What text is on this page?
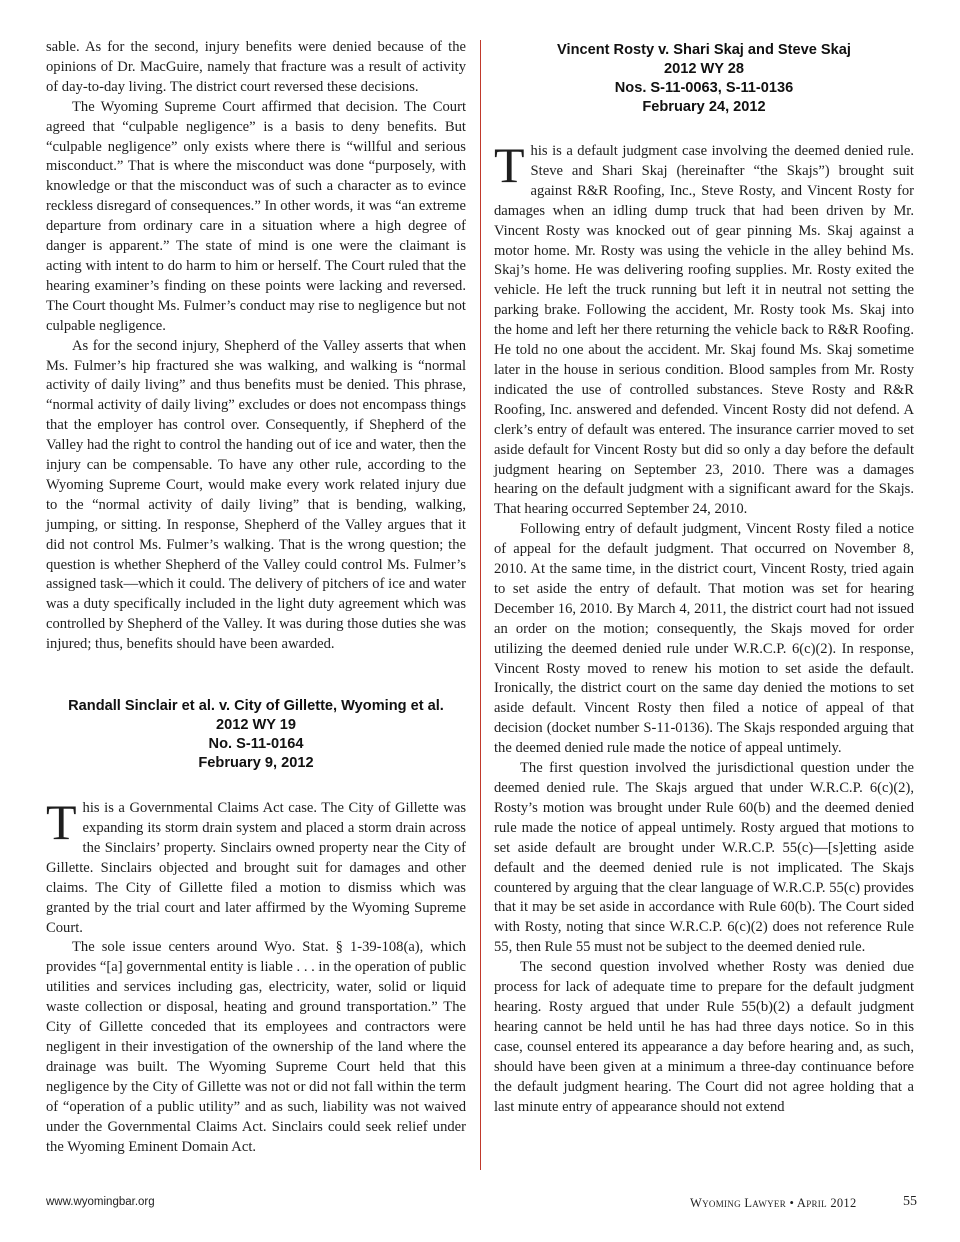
sable. As for the second, injury benefits were denied because of the opinions of Dr. MacGuire, namely that fracture was a result of activity of day-to-day living. The district court reversed these decisions.

The Wyoming Supreme Court affirmed that decision. The Court agreed that “culpable negligence” is a basis to deny benefits. But “culpable negligence” only exists where there is “willful and serious misconduct.” That is where the misconduct was done “purposely, with knowledge or that the misconduct was of such a character as to evince reckless disregard of consequences.” In other words, it was “an extreme departure from ordinary care in a situation where a high degree of danger is apparent.” The state of mind is one were the claimant is acting with intent to do harm to him or herself. The Court ruled that the hearing examiner’s finding on these points were lacking and reversed. The Court thought Ms. Fulmer’s conduct may rise to negligence but not culpable negligence.

As for the second injury, Shepherd of the Valley asserts that when Ms. Fulmer’s hip fractured she was walking, and walking is “normal activity of daily living” and thus benefits must be denied. This phrase, “normal activity of daily living” excludes or does not encompass things that the employer has control over. Consequently, if Shepherd of the Valley had the right to control the handing out of ice and water, then the injury can be compensable. To have any other rule, according to the Wyoming Supreme Court, would make every work related injury due to the “normal activity of daily living” that is bending, walking, jumping, or sitting. In response, Shepherd of the Valley argues that it did not control Ms. Fulmer’s walking. That is the wrong question; the question is whether Shepherd of the Valley could control Ms. Fulmer’s assigned task—which it could. The delivery of pitchers of ice and water was a duty specifically included in the light duty agreement which was controlled by Shepherd of the Valley. It was during those duties she was injured; thus, benefits should have been awarded.

Randall Sinclair et al. v. City of Gillette, Wyoming et al.
2012 WY 19
No. S-11-0164
February 9, 2012

This is a Governmental Claims Act case. The City of Gillette was expanding its storm drain system and placed a storm drain across the Sinclairs’ property. Sinclairs owned property near the City of Gillette. Sinclairs objected and brought suit for damages and other claims. The City of Gillette filed a motion to dismiss which was granted by the trial court and later affirmed by the Wyoming Supreme Court.

The sole issue centers around Wyo. Stat. § 1-39-108(a), which provides “[a] governmental entity is liable . . . in the operation of public utilities and services including gas, electricity, water, solid or liquid waste collection or disposal, heating and ground transportation.” The City of Gillette conceded that its employees and contractors were negligent in their investigation of the ownership of the land where the drainage was built. The Wyoming Supreme Court held that this negligence by the City of Gillette was not or did not fall within the term of “operation of a public utility” and as such, liability was not waived under the Governmental Claims Act. Sinclairs could seek relief under the Wyoming Eminent Domain Act.

Vincent Rosty v. Shari Skaj and Steve Skaj
2012 WY 28
Nos. S-11-0063, S-11-0136
February 24, 2012

This is a default judgment case involving the deemed denied rule. Steve and Shari Skaj (hereinafter “the Skajs”) brought suit against R&R Roofing, Inc., Steve Rosty, and Vincent Rosty for damages when an idling dump truck that had been driven by Mr. Vincent Rosty was knocked out of gear pinning Ms. Skaj against a motor home. Mr. Rosty was using the vehicle in the alley behind Ms. Skaj’s home. He was delivering roofing supplies. Mr. Rosty exited the vehicle. He left the truck running but left it in neutral not setting the parking brake. Following the accident, Mr. Rosty took Ms. Skaj into the home and left her there returning the vehicle back to R&R Roofing. He told no one about the accident. Mr. Skaj found Ms. Skaj sometime later in the house in serious condition. Blood samples from Mr. Rosty indicated the use of controlled substances. Steve Rosty and R&R Roofing, Inc. answered and defended. Vincent Rosty did not defend. A clerk’s entry of default was entered. The insurance carrier moved to set aside default for Vincent Rosty but did so only a day before the default judgment hearing on September 23, 2010. There was a damages hearing on the default judgment with a significant award for the Skajs. That hearing occurred September 24, 2010.

Following entry of default judgment, Vincent Rosty filed a notice of appeal for the default judgment. That occurred on November 8, 2010. At the same time, in the district court, Vincent Rosty, tried again to set aside the entry of default. That motion was set for hearing December 16, 2010. By March 4, 2011, the district court had not issued an order on the motion; consequently, the Skajs moved for order utilizing the deemed denied rule under W.R.C.P. 6(c)(2). In response, Vincent Rosty moved to renew his motion to set aside the default. Ironically, the district court on the same day denied the motions to set aside default. Vincent Rosty then filed a notice of appeal of that decision (docket number S-11-0136). The Skajs responded arguing that the deemed denied rule made the notice of appeal untimely.

The first question involved the jurisdictional question under the deemed denied rule. The Skajs argued that under W.R.C.P. 6(c)(2), Rosty’s motion was brought under Rule 60(b) and the deemed denied rule made the notice of appeal untimely. Rosty argued that motions to set aside default are brought under W.R.C.P. 55(c)—[s]etting aside default and the deemed denied rule is not implicated. The Skajs countered by arguing that the clear language of W.R.C.P. 55(c) provides that it may be set aside in accordance with Rule 60(b). The Court sided with Rosty, noting that since W.R.C.P. 6(c)(2) does not reference Rule 55, then Rule 55 must not be subject to the deemed denied rule.

The second question involved whether Rosty was denied due process for lack of adequate time to prepare for the default judgment hearing. Rosty argued that under Rule 55(b)(2) a default judgment hearing cannot be held until he has had three days notice. So in this case, counsel entered its appearance a day before hearing and, as such, should have been given at a minimum a three-day continuance before the default judgment hearing. The Court did not agree holding that a last minute entry of appearance should not extend

www.wyomingbar.org	Wyoming Lawyer • April 2012	55
